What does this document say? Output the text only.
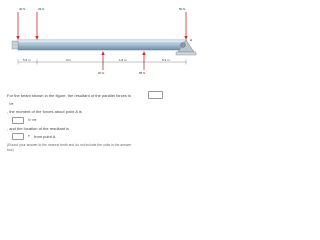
40 N	25 N	50 N
20 N	85 N
A
5.6 m	9 m	1.8 m	5.3 m
For the beam shown in the figure, the resultant of the parallel forces is
N▾
, the moment of the forces about point A is
N·m▾
, and the location of the resultant is
▾ from point A.
(Round your answer to the nearest tenth and do not include the units in the answer
box)
